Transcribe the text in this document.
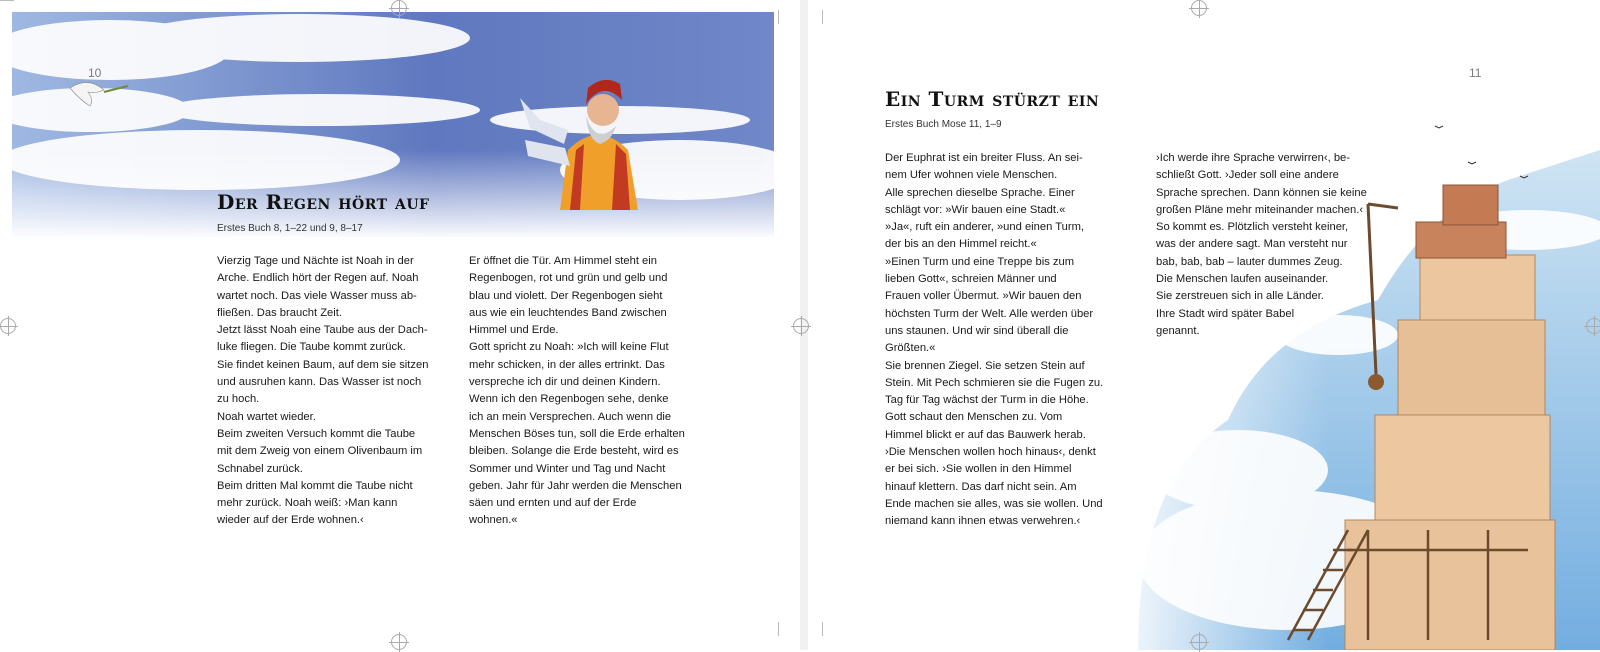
10
Der Regen hört auf
Erstes Buch 8, 1–22 und 9, 8–17
Vierzig Tage und Nächte ist Noah in der
Arche. Endlich hört der Regen auf. Noah
wartet noch. Das viele Wasser muss ab-
fließen. Das braucht Zeit.
Jetzt lässt Noah eine Taube aus der Dach-
luke fliegen. Die Taube kommt zurück.
Sie findet keinen Baum, auf dem sie sitzen
und ausruhen kann. Das Wasser ist noch
zu hoch.
Noah wartet wieder.
Beim zweiten Versuch kommt die Taube
mit dem Zweig von einem Olivenbaum im
Schnabel zurück.
Beim dritten Mal kommt die Taube nicht
mehr zurück. Noah weiß: ›Man kann
wieder auf der Erde wohnen.‹
Er öffnet die Tür. Am Himmel steht ein
Regenbogen, rot und grün und gelb und
blau und violett. Der Regenbogen sieht
aus wie ein leuchtendes Band zwischen
Himmel und Erde.
Gott spricht zu Noah: »Ich will keine Flut
mehr schicken, in der alles ertrinkt. Das
verspreche ich dir und deinen Kindern.
Wenn ich den Regenbogen sehe, denke
ich an mein Versprechen. Auch wenn die
Menschen Böses tun, soll die Erde erhalten
bleiben. Solange die Erde besteht, wird es
Sommer und Winter und Tag und Nacht
geben. Jahr für Jahr werden die Menschen
säen und ernten und auf der Erde
wohnen.«
11
Ein Turm stürzt ein
Erstes Buch Mose 11, 1–9
Der Euphrat ist ein breiter Fluss. An sei-
nem Ufer wohnen viele Menschen.
Alle sprechen dieselbe Sprache. Einer
schlägt vor: »Wir bauen eine Stadt.«
»Ja«, ruft ein anderer, »und einen Turm,
der bis an den Himmel reicht.«
»Einen Turm und eine Treppe bis zum
lieben Gott«, schreien Männer und
Frauen voller Übermut. »Wir bauen den
höchsten Turm der Welt. Alle werden über
uns staunen. Und wir sind überall die
Größten.«
Sie brennen Ziegel. Sie setzen Stein auf
Stein. Mit Pech schmieren sie die Fugen zu.
Tag für Tag wächst der Turm in die Höhe.
Gott schaut den Menschen zu. Vom
Himmel blickt er auf das Bauwerk herab.
›Die Menschen wollen hoch hinaus‹, denkt
er bei sich. ›Sie wollen in den Himmel
hinauf klettern. Das darf nicht sein. Am
Ende machen sie alles, was sie wollen. Und
niemand kann ihnen etwas verwehren.‹
›Ich werde ihre Sprache verwirren‹, be-
schließt Gott. ›Jeder soll eine andere
Sprache sprechen. Dann können sie keine
großen Pläne mehr miteinander machen.‹
So kommt es. Plötzlich versteht keiner,
was der andere sagt. Man versteht nur
bab, bab, bab – lauter dummes Zeug.
Die Menschen laufen auseinander.
Sie zerstreuen sich in alle Länder.
Ihre Stadt wird später Babel
genannt.
